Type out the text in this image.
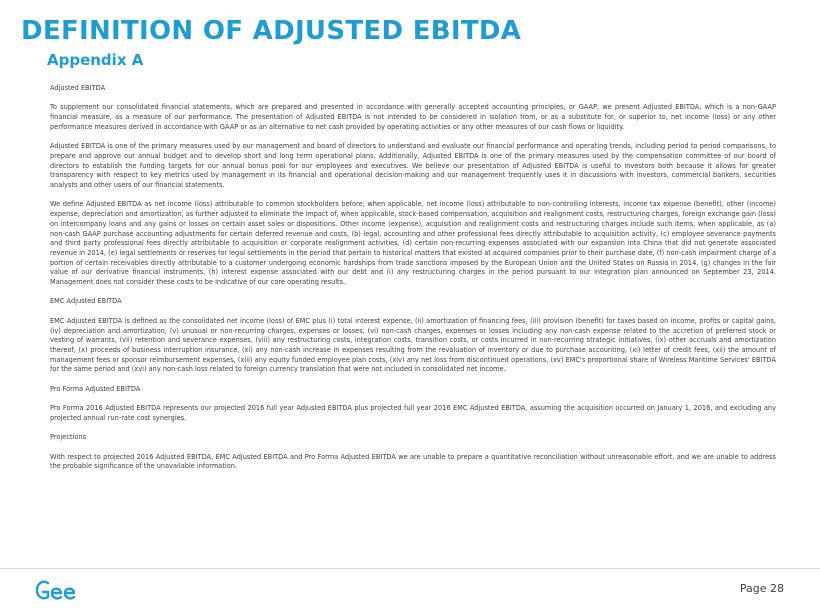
DEFINITION OF ADJUSTED EBITDA
Appendix A

Adjusted EBITDA

To supplement our consolidated financial statements, which are prepared and presented in accordance with generally accepted accounting principles, or GAAP, we present Adjusted EBITDA, which is a non-GAAP financial measure, as a measure of our performance. The presentation of Adjusted EBITDA is not intended to be considered in isolation from, or as a substitute for, or superior to, net income (loss) or any other performance measures derived in accordance with GAAP or as an alternative to net cash provided by operating activities or any other measures of our cash flows or liquidity.

Adjusted EBITDA is one of the primary measures used by our management and board of directors to understand and evaluate our financial performance and operating trends, including period to period comparisons, to prepare and approve our annual budget and to develop short and long term operational plans. Additionally, Adjusted EBITDA is one of the primary measures used by the compensation committee of our board of directors to establish the funding targets for our annual bonus pool for our employees and executives. We believe our presentation of Adjusted EBITDA is useful to investors both because it allows for greater transparency with respect to key metrics used by management in its financial and operational decision-making and our management frequently uses it in discussions with investors, commercial bankers, securities analysts and other users of our financial statements.

We define Adjusted EBITDA as net income (loss) attributable to common stockholders before, when applicable, net income (loss) attributable to non-controlling interests, income tax expense (benefit), other (income) expense, depreciation and amortization, as further adjusted to eliminate the impact of, when applicable, stock-based compensation, acquisition and realignment costs, restructuring charges, foreign exchange gain (loss) on intercompany loans and any gains or losses on certain asset sales or dispositions. Other income (expense), acquisition and realignment costs and restructuring charges include such items, when applicable, as (a) non-cash GAAP purchase accounting adjustments for certain deferred revenue and costs, (b) legal, accounting and other professional fees directly attributable to acquisition activity, (c) employee severance payments and third party professional fees directly attributable to acquisition or corporate realignment activities, (d) certain non-recurring expenses associated with our expansion into China that did not generate associated revenue in 2014, (e) legal settlements or reserves for legal settlements in the period that pertain to historical matters that existed at acquired companies prior to their purchase date, (f) non-cash impairment charge of a portion of certain receivables directly attributable to a customer undergoing economic hardships from trade sanctions imposed by the European Union and the United States on Russia in 2014, (g) changes in the fair value of our derivative financial instruments, (h) interest expense associated with our debt and (i) any restructuring charges in the period pursuant to our integration plan announced on September 23, 2014. Management does not consider these costs to be indicative of our core operating results.

EMC Adjusted EBITDA

EMC Adjusted EBITDA is defined as the consolidated net income (loss) of EMC plus (i) total interest expense, (ii) amortization of financing fees, (iii) provision (benefit) for taxes based on income, profits or capital gains, (iv) depreciation and amortization, (v) unusual or non-recurring charges, expenses or losses, (vi) non-cash charges, expenses or losses including any non-cash expense related to the accretion of preferred stock or vesting of warrants, (vii) retention and severance expenses, (viii) any restructuring costs, integration costs, transition costs, or costs incurred in non-recurring strategic initiatives, (ix) other accruals and amortization thereof, (x) proceeds of business interruption insurance, (xi) any non-cash increase in expenses resulting from the revaluation of inventory or due to purchase accounting, (xi) letter of credit fees, (xii) the amount of management fees or sponsor reimbursement expenses, (xiii) any equity funded employee plan costs, (xiv) any net loss from discontinued operations, (xv) EMC's proportional share of Wireless Maritime Services' EBITDA for the same period and (xvi) any non-cash loss related to foreign currency translation that were not included in consolidated net income.

Pro Forma Adjusted EBITDA

Pro Forma 2016 Adjusted EBITDA represents our projected 2016 full year Adjusted EBITDA plus projected full year 2016 EMC Adjusted EBITDA, assuming the acquisition occurred on January 1, 2016, and excluding any projected annual run-rate cost synergies.

Projections

With respect to projected 2016 Adjusted EBITDA, EMC Adjusted EBITDA and Pro Forma Adjusted EBITDA we are unable to prepare a quantitative reconciliation without unreasonable effort, and we are unable to address the probable significance of the unavailable information.

Page 28
